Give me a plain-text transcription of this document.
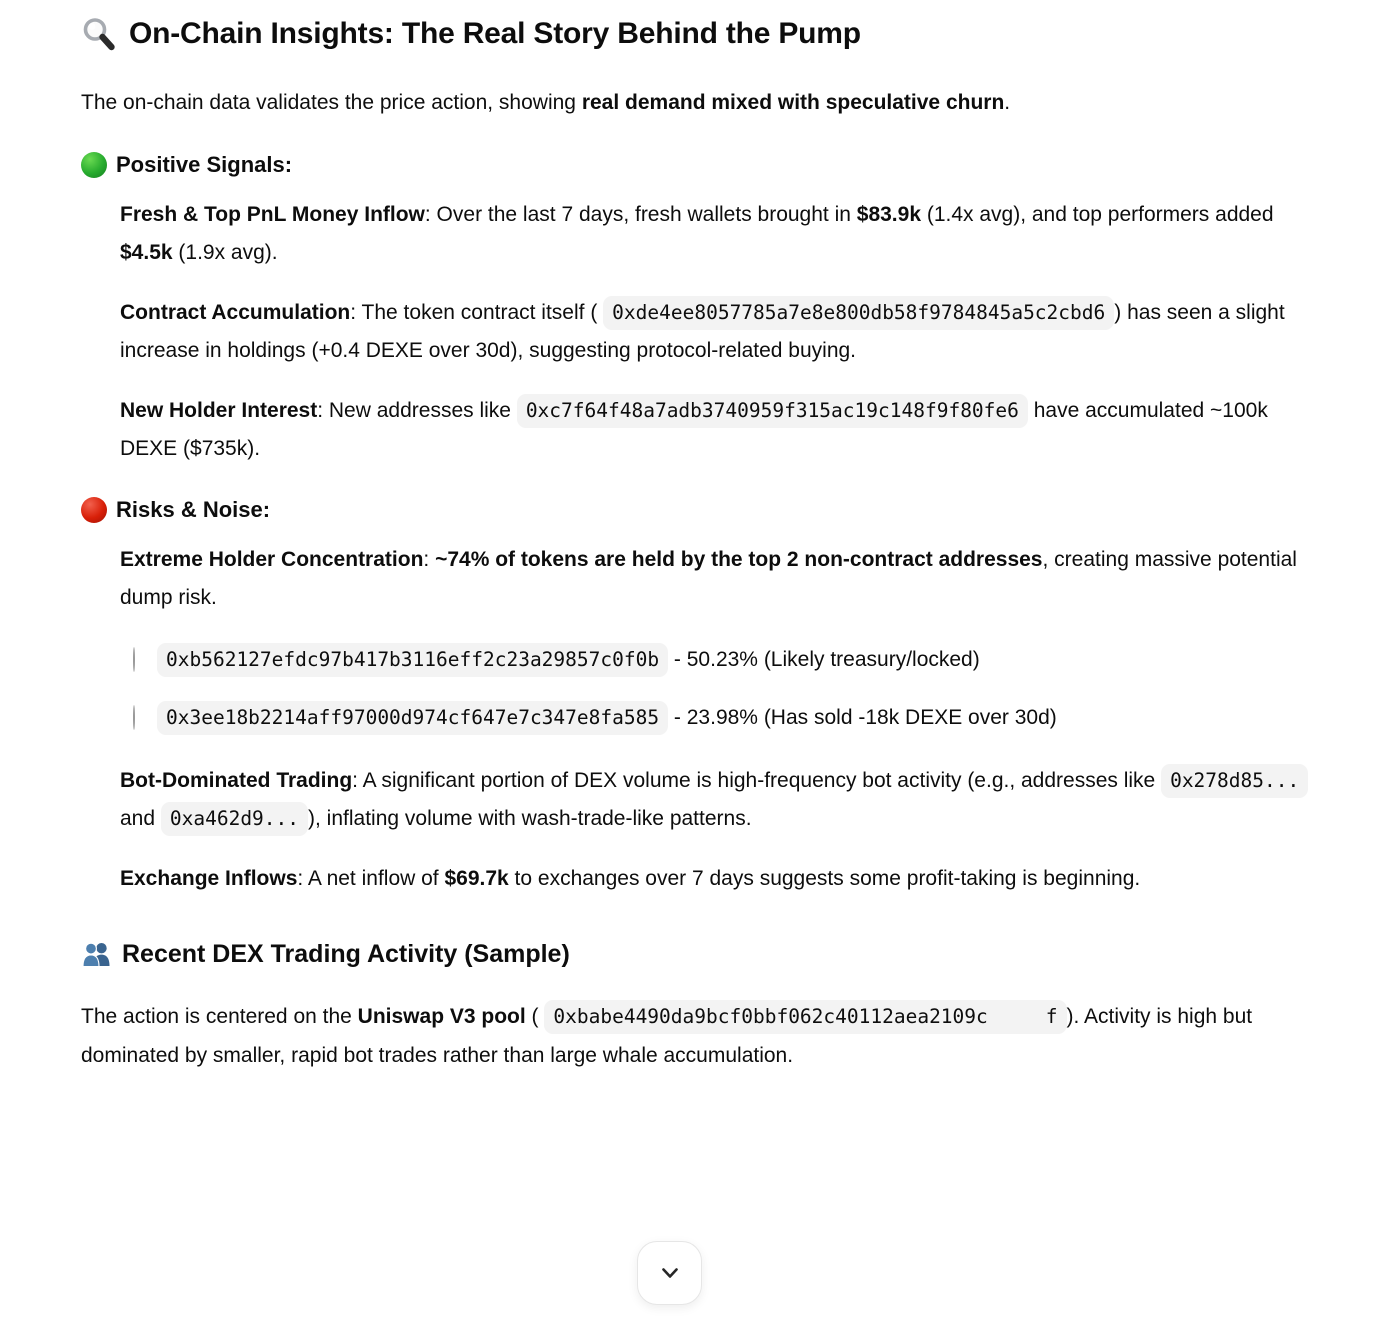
On-Chain Insights: The Real Story Behind the Pump

The on-chain data validates the price action, showing real demand mixed with speculative churn.

Positive Signals:
Fresh & Top PnL Money Inflow: Over the last 7 days, fresh wallets brought in $83.9k (1.4x avg), and top performers added $4.5k (1.9x avg).
Contract Accumulation: The token contract itself ( 0xde4ee8057785a7e8e800db58f9784845a5c2cbd6 ) has seen a slight increase in holdings (+0.4 DEXE over 30d), suggesting protocol-related buying.
New Holder Interest: New addresses like 0xc7f64f48a7adb3740959f315ac19c148f9f80fe6 have accumulated ~100k DEXE ($735k).
Risks & Noise:
Extreme Holder Concentration: ~74% of tokens are held by the top 2 non-contract addresses, creating massive potential dump risk.
0xb562127efdc97b417b3116eff2c23a29857c0f0b - 50.23% (Likely treasury/locked)
0x3ee18b2214aff97000d974cf647e7c347e8fa585 - 23.98% (Has sold -18k DEXE over 30d)
Bot-Dominated Trading: A significant portion of DEX volume is high-frequency bot activity (e.g., addresses like 0x278d85... and 0xa462d9... ), inflating volume with wash-trade-like patterns.
Exchange Inflows: A net inflow of $69.7k to exchanges over 7 days suggests some profit-taking is beginning.
Recent DEX Trading Activity (Sample)

The action is centered on the Uniswap V3 pool ( 0xbabe4490da9bcf0bbf062c40112aea2109c	f ). Activity is high but dominated by smaller, rapid bot trades rather than large whale accumulation.
